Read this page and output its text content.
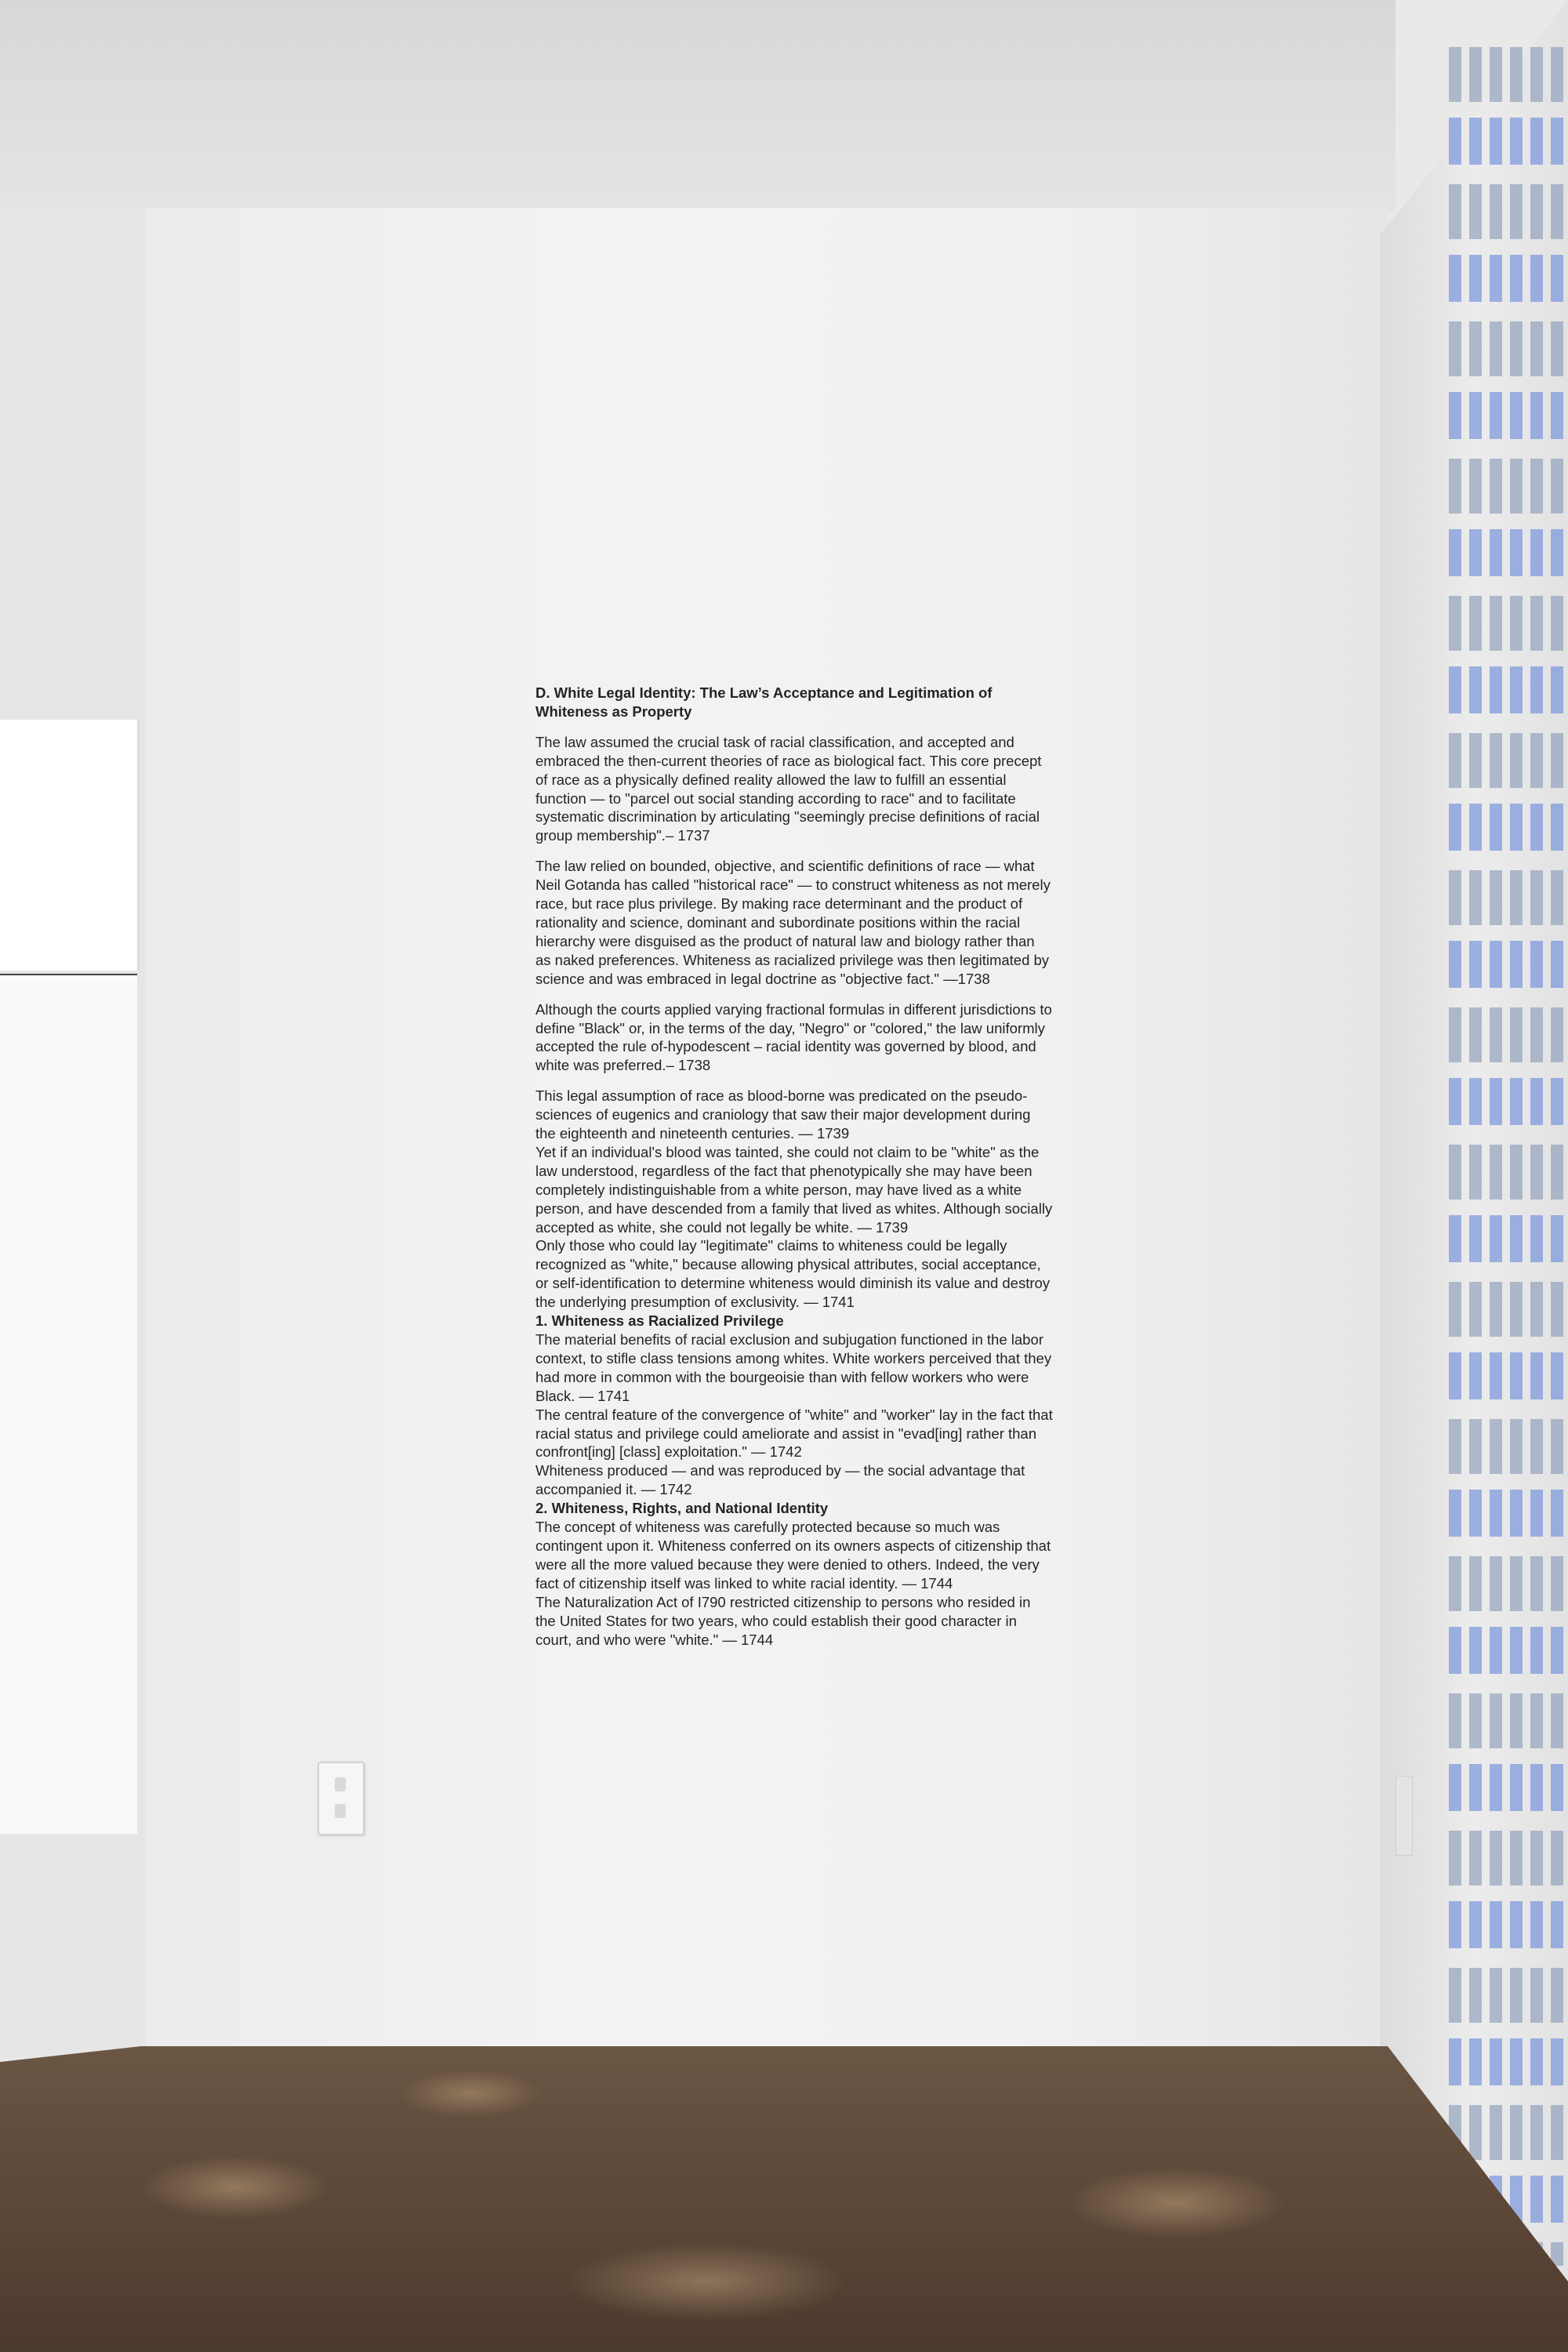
D. White Legal Identity: The Law’s Acceptance and Legitimation of Whiteness as Property

The law assumed the crucial task of racial classification, and accepted and embraced the then-current theories of race as biological fact. This core precept of race as a physically defined reality allowed the law to fulfill an essential function — to "parcel out social standing according to race" and to facilitate systematic discrimination by articulating "seemingly precise definitions of racial group membership".– 1737

The law relied on bounded, objective, and scientific definitions of race — what Neil Gotanda has called "historical race" — to construct whiteness as not merely race, but race plus privilege. By making race determinant and the product of rationality and science, dominant and subordinate positions within the racial hierarchy were disguised as the product of natural law and biology rather than as naked preferences. Whiteness as racialized privilege was then legitimated by science and was embraced in legal doctrine as "objective fact." —1738

Although the courts applied varying fractional formulas in different jurisdictions to define "Black" or, in the terms of the day, "Negro" or "colored," the law uniformly accepted the rule of-hypodescent – racial identity was governed by blood, and white was preferred.– 1738

This legal assumption of race as blood-borne was predicated on the pseudo-sciences of eugenics and craniology that saw their major development during the eighteenth and nineteenth centuries. — 1739

Yet if an individual's blood was tainted, she could not claim to be "white" as the law understood, regardless of the fact that phenotypically she may have been completely indistinguishable from a white person, may have lived as a white person, and have descended from a family that lived as whites. Although socially accepted as white, she could not legally be white. — 1739

Only those who could lay "legitimate" claims to whiteness could be legally recognized as "white," because allowing physical attributes, social acceptance, or self-identification to determine whiteness would diminish its value and destroy the underlying presumption of exclusivity. — 1741

1. Whiteness as Racialized Privilege

The material benefits of racial exclusion and subjugation functioned in the labor context, to stifle class tensions among whites. White workers perceived that they had more in common with the bourgeoisie than with fellow workers who were Black. — 1741

The central feature of the convergence of "white" and "worker" lay in the fact that racial status and privilege could ameliorate and assist in "evad[ing] rather than confront[ing] [class] exploitation." — 1742

Whiteness produced — and was reproduced by — the social advantage that accompanied it. — 1742

2. Whiteness, Rights, and National Identity

The concept of whiteness was carefully protected because so much was contingent upon it. Whiteness conferred on its owners aspects of citizenship that were all the more valued because they were denied to others. Indeed, the very fact of citizenship itself was linked to white racial identity. — 1744

The Naturalization Act of I790 restricted citizenship to persons who resided in the United States for two years, who could establish their good character in court, and who were "white." — 1744
